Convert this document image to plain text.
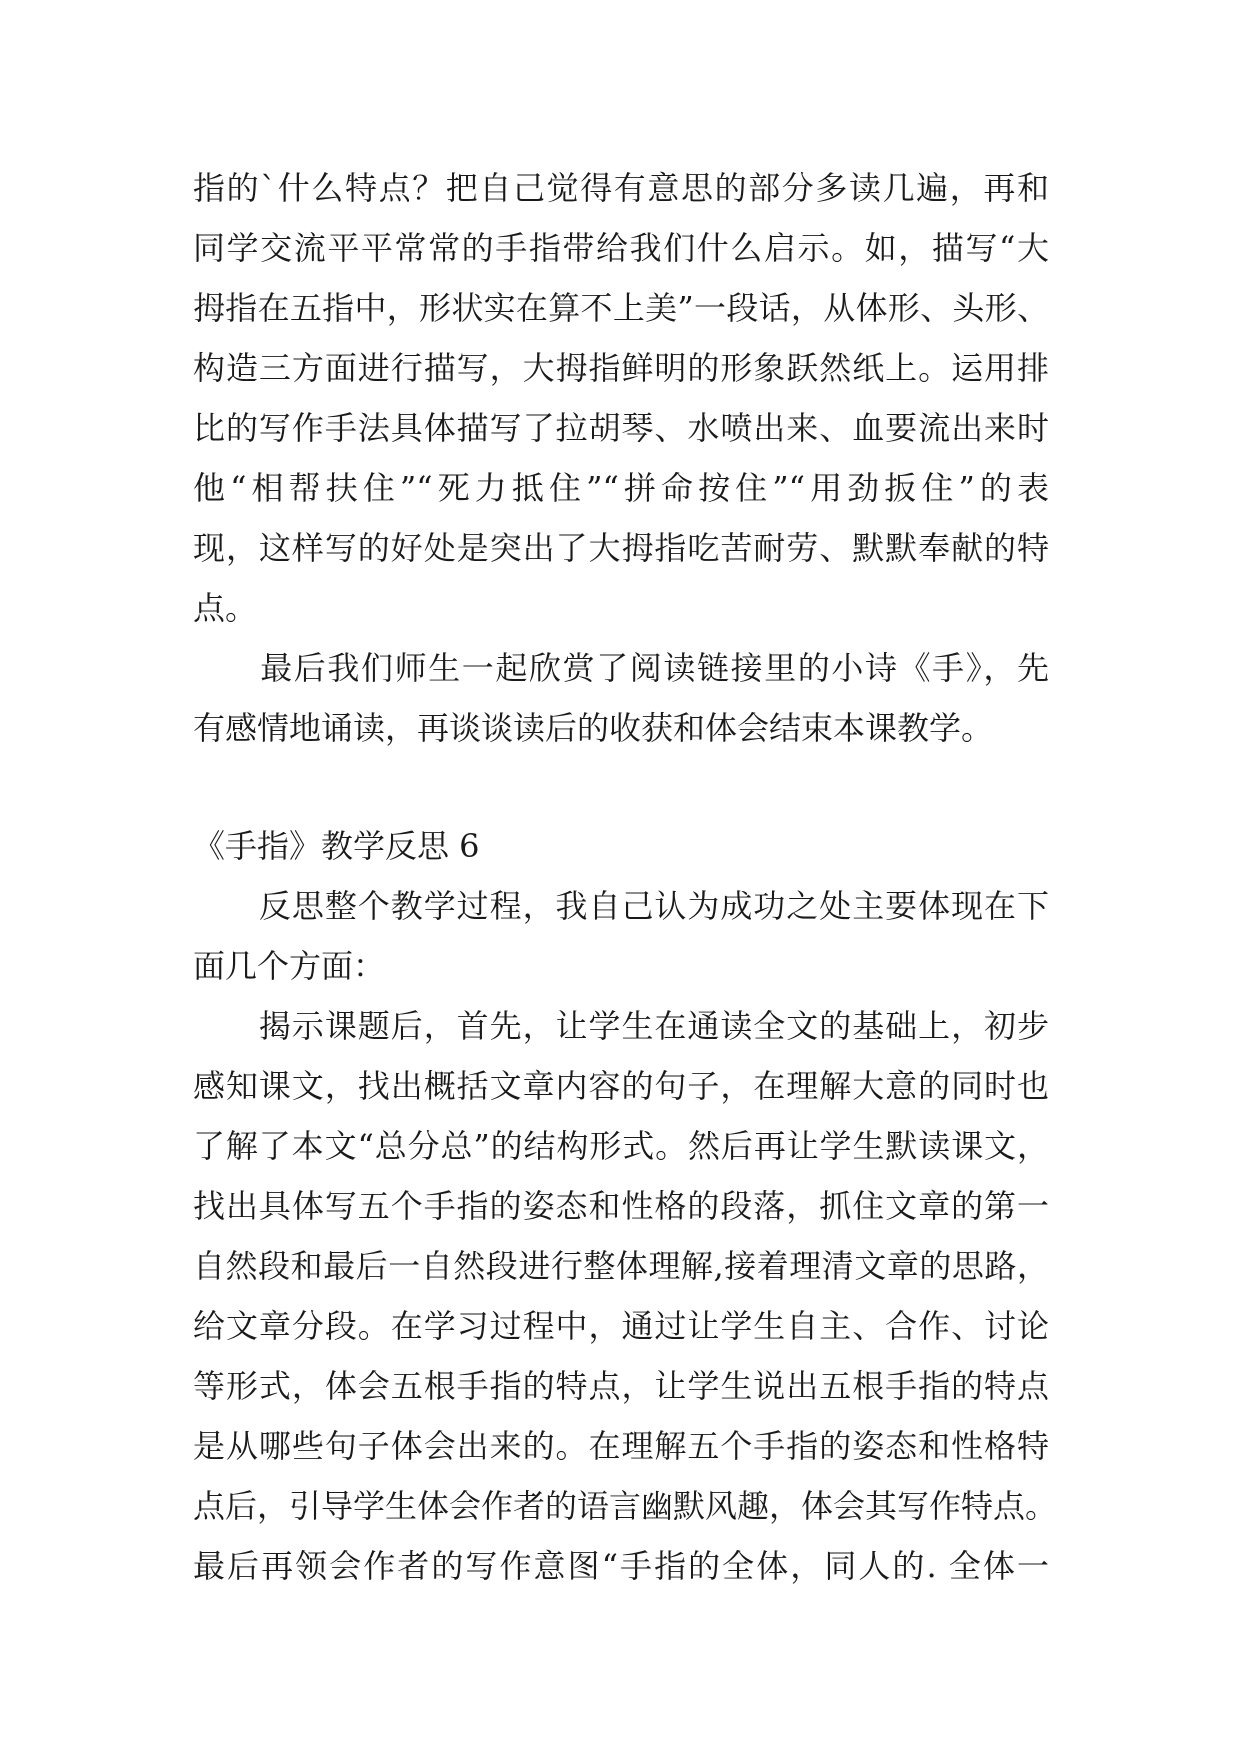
指的`什么特点？把自己觉得有意思的部分多读几遍，再和
同学交流平平常常的手指带给我们什么启示。如，描写“大
拇指在五指中，形状实在算不上美”一段话，从体形、头形、
构造三方面进行描写，大拇指鲜明的形象跃然纸上。运用排
比的写作手法具体描写了拉胡琴、水喷出来、血要流出来时
他“相帮扶住”“死力抵住”“拼命按住”“用劲扳住”的表
现，这样写的好处是突出了大拇指吃苦耐劳、默默奉献的特
点。
　　最后我们师生一起欣赏了阅读链接里的小诗《手》，先
有感情地诵读，再谈谈读后的收获和体会结束本课教学。
《手指》教学反思 6
　　反思整个教学过程，我自己认为成功之处主要体现在下
面几个方面：
　　揭示课题后，首先，让学生在通读全文的基础上，初步
感知课文，找出概括文章内容的句子，在理解大意的同时也
了解了本文“总分总”的结构形式。然后再让学生默读课文，
找出具体写五个手指的姿态和性格的段落，抓住文章的第一
自然段和最后一自然段进行整体理解,接着理清文章的思路，
给文章分段。在学习过程中，通过让学生自主、合作、讨论
等形式，体会五根手指的特点，让学生说出五根手指的特点
是从哪些句子体会出来的。在理解五个手指的姿态和性格特
点后，引导学生体会作者的语言幽默风趣，体会其写作特点。
最后再领会作者的写作意图“手指的全体，同人的. 全体一
